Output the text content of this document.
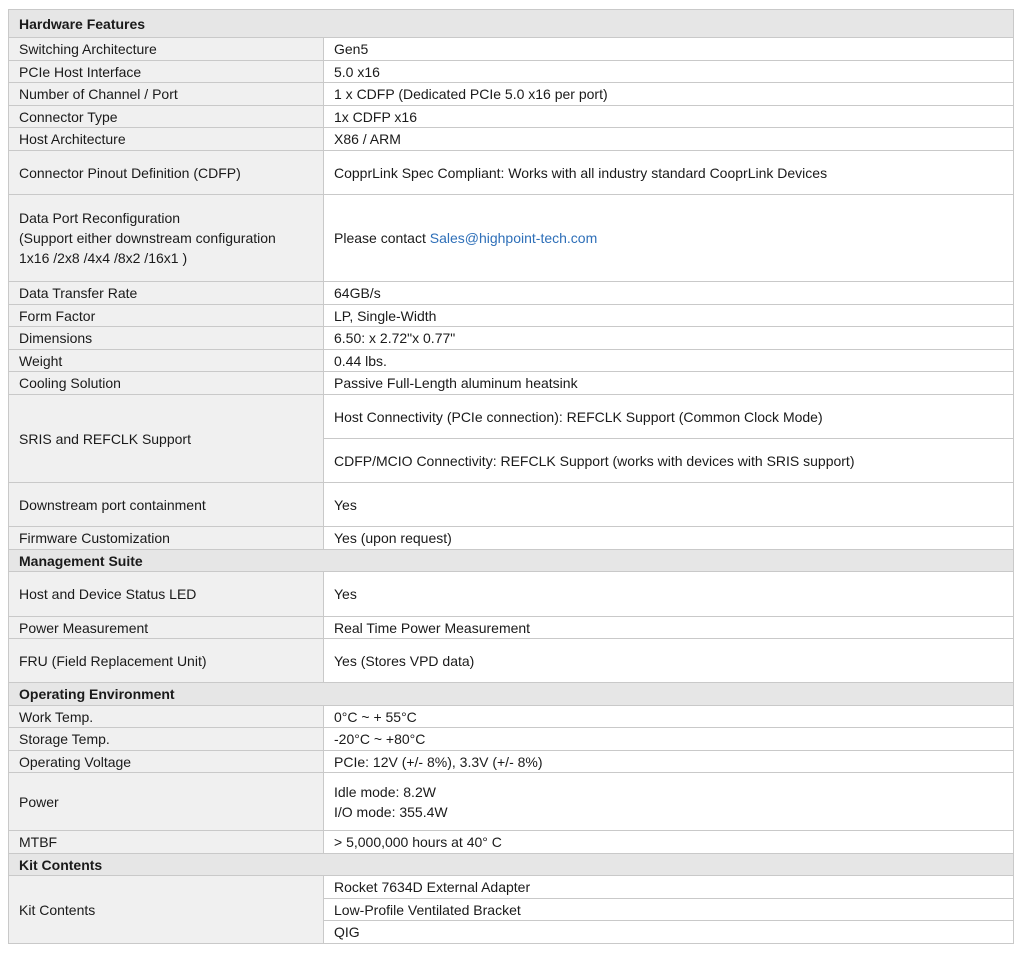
Hardware Features	
Switching Architecture	Gen5
PCIe Host Interface	5.0 x16
Number of Channel / Port	1 x CDFP (Dedicated PCIe 5.0 x16 per port)
Connector Type	1x CDFP x16
Host Architecture	X86 / ARM
Connector Pinout Definition (CDFP)	CopprLink Spec Compliant: Works with all industry standard CooprLink Devices

Data Port Reconfiguration
(Support either downstream configuration
1x16 /2x8 /4x4 /8x2 /16x1 )	Please contact Sales@highpoint-tech.com
Data Transfer Rate	64GB/s
Form Factor	LP, Single-Width
Dimensions	6.50: x 2.72"x 0.77"
Weight	0.44 lbs.
Cooling Solution	Passive Full-Length aluminum heatsink
SRIS and REFCLK Support	Host Connectivity (PCIe connection): REFCLK Support (Common Clock Mode)
	CDFP/MCIO Connectivity: REFCLK Support (works with devices with SRIS support)
Downstream port containment	Yes
Firmware Customization	Yes (upon request)
Management Suite	
Host and Device Status LED	Yes
Power Measurement	Real Time Power Measurement
FRU (Field Replacement Unit)	Yes (Stores VPD data)
Operating Environment	
Work Temp.	0°C ~ + 55°C
Storage Temp.	-20°C ~ +80°C
Operating Voltage	PCIe: 12V (+/- 8%), 3.3V (+/- 8%)
Power	Idle mode: 8.2W
I/O mode: 355.4W

MTBF	> 5,000,000 hours at 40° C
Kit Contents	
Kit Contents	Rocket 7634D External Adapter
	Low-Profile Ventilated Bracket
	QIG
